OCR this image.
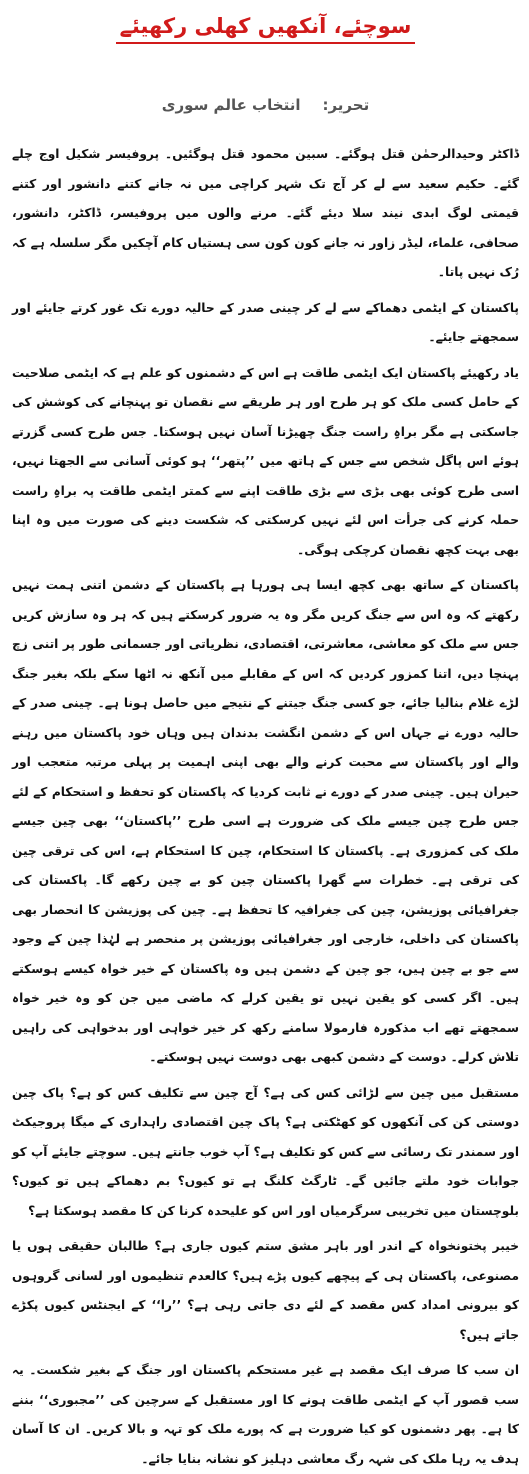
سوچئے، آنکھیں کھلی رکھیئے
تحریر:
انتخاب عالم سوری

ڈاکٹر وحیدالرحمٰن قتل ہوگئے۔ سبین محمود قتل ہوگئیں۔ پروفیسر شکیل اوج چلے گئے۔ حکیم سعید سے لے کر آج تک شہر کراچی میں نہ جانے کتنے دانشور اور کتنے قیمتی لوگ ابدی نیند سلا دیئے گئے۔ مرنے والوں میں پروفیسر، ڈاکٹر، دانشور، صحافی، علماء، لیڈر زاور نہ جانے کون کون سی ہستیاں کام آچکیں مگر سلسلہ ہے کہ رُک نہیں پاتا۔

پاکستان کے ایٹمی دھماکے سے لے کر چینی صدر کے حالیہ دورے تک غور کرتے جایئے اور سمجھتے جایئے۔

یاد رکھیئے پاکستان ایک ایٹمی طاقت ہے اس کے دشمنوں کو علم ہے کہ ایٹمی صلاحیت کے حامل کسی ملک کو ہر طرح اور ہر طریقے سے نقصان تو پہنچانے کی کوشش کی جاسکتی ہے مگر براہِ راست جنگ چھیڑنا آسان نہیں ہوسکتا۔ جس طرح کسی گزرتے ہوئے اس پاگل شخص سے جس کے ہاتھ میں ’’پتھر‘‘ ہو کوئی آسانی سے الجھتا نہیں، اسی طرح کوئی بھی بڑی سے بڑی طاقت اپنے سے کمتر ایٹمی طاقت پہ براہِ راست حملہ کرنے کی جرأت اس لئے نہیں کرسکتی کہ شکست دینے کی صورت میں وہ اپنا بھی بہت کچھ نقصان کرچکی ہوگی۔

پاکستان کے ساتھ بھی کچھ ایسا ہی ہورہا ہے پاکستان کے دشمن اتنی ہمت نہیں رکھتے کہ وہ اس سے جنگ کریں مگر وہ یہ ضرور کرسکتے ہیں کہ ہر وہ سازش کریں جس سے ملک کو معاشی، معاشرتی، اقتصادی، نظریاتی اور جسمانی طور پر اتنی زچ پہنچا دیں، اتنا کمزور کردیں کہ اس کے مقابلے میں آنکھ نہ اٹھا سکے بلکہ بغیر جنگ لڑے غلام بنالیا جائے، جو کسی جنگ جیتنے کے نتیجے میں حاصل ہونا ہے۔ چینی صدر کے حالیہ دورے نے جہاں اس کے دشمن انگشت بدندان ہیں وہاں خود پاکستان میں رہنے والے اور پاکستان سے محبت کرنے والے بھی اپنی اہمیت پر پہلی مرتبہ متعجب اور حیران ہیں۔ چینی صدر کے دورے نے ثابت کردیا کہ پاکستان کو تحفظ و استحکام کے لئے جس طرح چین جیسے ملک کی ضرورت ہے اسی طرح ’’پاکستان‘‘ بھی چین جیسے ملک کی کمزوری ہے۔ پاکستان کا استحکام، چین کا استحکام ہے، اس کی ترقی چین کی ترقی ہے۔ خطرات سے گھرا پاکستان چین کو بے چین رکھے گا۔ پاکستان کی جغرافیائی پوزیشن، چین کی جغرافیہ کا تحفظ ہے۔ چین کی پوزیشن کا انحصار بھی پاکستان کی داخلی، خارجی اور جغرافیائی پوزیشن پر منحصر ہے لہٰذا چین کے وجود سے جو بے چین ہیں، جو چین کے دشمن ہیں وہ پاکستان کے خیر خواہ کیسے ہوسکتے ہیں۔ اگر کسی کو یقین نہیں تو یقین کرلے کہ ماضی میں جن کو وہ خیر خواہ سمجھتے تھے اب مذکورہ فارمولا سامنے رکھ کر خیر خواہی اور بدخواہی کی راہیں تلاش کرلے۔ دوست کے دشمن کبھی بھی دوست نہیں ہوسکتے۔

مستقبل میں چین سے لڑائی کس کی ہے؟ آج چین سے تکلیف کس کو ہے؟ پاک چین دوستی کن کی آنکھوں کو کھٹکتی ہے؟ پاک چین اقتصادی راہداری کے میگا پروجیکٹ اور سمندر تک رسائی سے کس کو تکلیف ہے؟ آپ خوب جانتے ہیں۔ سوچتے جایئے آپ کو جوابات خود ملتے جائیں گے۔ ٹارگٹ کلنگ ہے تو کیوں؟ بم دھماکے ہیں تو کیوں؟ بلوچستان میں تخریبی سرگرمیاں اور اس کو علیحدہ کرنا کن کا مقصد ہوسکتا ہے؟

خیبر پختونخواہ کے اندر اور باہر مشق ستم کیوں جاری ہے؟ طالبان حقیقی ہوں یا مصنوعی، پاکستان ہی کے پیچھے کیوں پڑے ہیں؟ کالعدم تنظیموں اور لسانی گروہوں کو بیرونی امداد کس مقصد کے لئے دی جاتی رہی ہے؟ ’’را‘‘ کے ایجنٹس کیوں پکڑے جاتے ہیں؟

ان سب کا صرف ایک مقصد ہے غیر مستحکم پاکستان اور جنگ کے بغیر شکست۔ یہ سب قصور آپ کے ایٹمی طاقت ہونے کا اور مستقبل کے سرچین کی ’’مجبوری‘‘ بننے کا ہے۔ پھر دشمنوں کو کیا ضرورت ہے کہ پورے ملک کو تہہ و بالا کریں۔ ان کا آسان ہدف یہ رہا ملک کی شہہ رگ معاشی دہلیز کو نشانہ بنایا جائے۔
